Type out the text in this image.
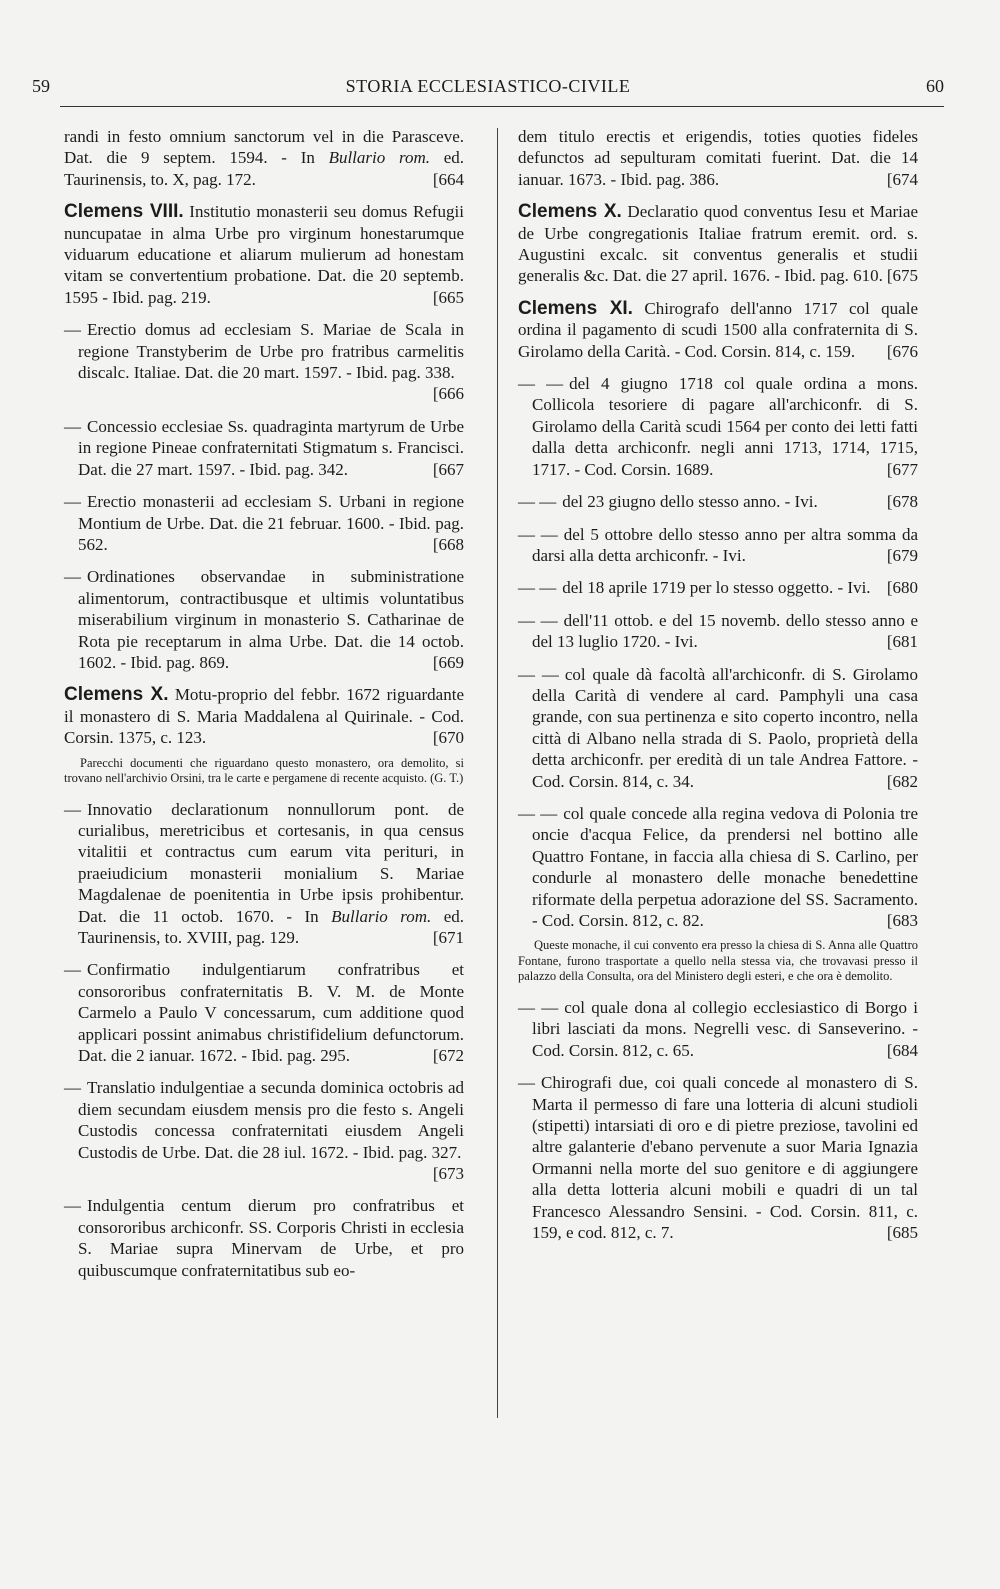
59	STORIA ECCLESIASTICO-CIVILE	60
randi in festo omnium sanctorum vel in die Parasceve. Dat. die 9 septem. 1594. - In Bullario rom. ed. Taurinensis, to. X, pag. 172.	[664
Clemens VIII. Institutio monasterii seu domus Refugii nuncupatae in alma Urbe pro virginum honestarumque viduarum educatione et aliarum mulierum ad honestam vitam se convertentium probatione. Dat. die 20 septemb. 1595 - Ibid. pag. 219.	[665
— Erectio domus ad ecclesiam S. Mariae de Scala in regione Transtyberim de Urbe pro fratribus carmelitis discalc. Italiae. Dat. die 20 mart. 1597. - Ibid. pag. 338.
[666
— Concessio ecclesiae Ss. quadraginta martyrum de Urbe in regione Pineae confraternitati Stigmatum s. Francisci. Dat. die 27 mart. 1597. - Ibid. pag. 342.	[667
— Erectio monasterii ad ecclesiam S. Urbani in regione Montium de Urbe. Dat. die 21 februar. 1600. - Ibid. pag. 562.	[668
— Ordinationes observandae in subministratione alimentorum, contractibusque et ultimis voluntatibus miserabilium virginum in monasterio S. Catharinae de Rota pie receptarum in alma Urbe. Dat. die 14 octob. 1602. - Ibid. pag. 869.	[669
Clemens X. Motu-proprio del febbr. 1672 riguardante il monastero di S. Maria Maddalena al Quirinale. - Cod. Corsin. 1375, c. 123.	[670
Parecchi documenti che riguardano questo monastero, ora demolito, si trovano nell'archivio Orsini, tra le carte e pergamene di recente acquisto. (G. T.)
— Innovatio declarationum nonnullorum pont. de curialibus, meretricibus et cortesanis, in qua census vitalitii et contractus cum earum vita periturі, in praeiudicium monasterii monialium S. Mariae Magdalenae de poenitentia in Urbe ipsis prohibentur. Dat. die 11 octob. 1670. - In Bullario rom. ed. Taurinensis, to. XVIII, pag. 129.	[671
— Confirmatio indulgentiarum confratribus et consororibus confraternitatis B. V. M. de Monte Carmelo a Paulo V concessarum, cum additione quod applicari possint animabus christifidelium defunctorum. Dat. die 2 ianuar. 1672. - Ibid. pag. 295.	[672
— Translatio indulgentiae a secunda dominica octobris ad diem secundam eiusdem mensis pro die festo s. Angeli Custodis concessa confraternitati eiusdem Angeli Custodis de Urbe. Dat. die 28 iul. 1672. - Ibid. pag. 327.
[673
— Indulgentia centum dierum pro confratribus et consororibus archiconfr. SS. Corporis Christi in ecclesia S. Mariae supra Minervam de Urbe, et pro quibuscumque confraternitatibus sub eo-
dem titulo erectis et erigendis, toties quoties fideles defunctos ad sepulturam comitati fuerint. Dat. die 14 ianuar. 1673. - Ibid. pag. 386.	[674
Clemens X. Declaratio quod conventus Iesu et Mariae de Urbe congregationis Italiae fratrum eremit. ord. s. Augustini excalc. sit conventus generalis et studii generalis &c. Dat. die 27 april. 1676. - Ibid. pag. 610. [675
Clemens XI. Chirografo dell'anno 1717 col quale ordina il pagamento di scudi 1500 alla confraternita di S. Girolamo della Carità. - Cod. Corsin. 814, c. 159. [676
— — del 4 giugno 1718 col quale ordina a mons. Collicola tesoriere di pagare all'archiconfr. di S. Girolamo della Carità scudi 1564 per conto dei letti fatti dalla detta archiconfr. negli anni 1713, 1714, 1715, 1717. - Cod. Corsin. 1689.	[677
— — del 23 giugno dello stesso anno. - Ivi.	[678
— — del 5 ottobre dello stesso anno per altra somma da darsi alla detta archiconfr. - Ivi.	[679
— — del 18 aprile 1719 per lo stesso oggetto. - Ivi. [680
— — dell'11 ottob. e del 15 novemb. dello stesso anno e del 13 luglio 1720. - Ivi.	[681
— — col quale dà facoltà all'archiconfr. di S. Girolamo della Carità di vendere al card. Pamphyli una casa grande, con sua pertinenza e sito coperto incontro, nella città di Albano nella strada di S. Paolo, proprietà della detta archiconfr. per eredità di un tale Andrea Fattore. - Cod. Corsin. 814, c. 34.	[682
— — col quale concede alla regina vedova di Polonia tre oncie d'acqua Felice, da prendersi nel bottino alle Quattro Fontane, in faccia alla chiesa di S. Carlino, per condurle al monastero delle monache benedettine riformate della perpetua adorazione del SS. Sacramento. - Cod. Corsin. 812, c. 82.	[683
Queste monache, il cui convento era presso la chiesa di S. Anna alle Quattro Fontane, furono trasportate a quello nella stessa via, che trovavasi presso il palazzo della Consulta, ora del Ministero degli esteri, e che ora è demolito.
— — col quale dona al collegio ecclesiastico di Borgo i libri lasciati da mons. Negrelli vesc. di Sanseverino. - Cod. Corsin. 812, c. 65.	[684
— Chirografi due, coi quali concede al monastero di S. Marta il permesso di fare una lotteria di alcuni studioli (stipetti) intarsiati di oro e di pietre preziose, tavolini ed altre galanterie d'ebano pervenute a suor Maria Ignazia Ormanni nella morte del suo genitore e di aggiungere alla detta lotteria alcuni mobili e quadri di un tal Francesco Alessandro Sensini. - Cod. Corsin. 811, c. 159, e cod. 812, c. 7.	[685
